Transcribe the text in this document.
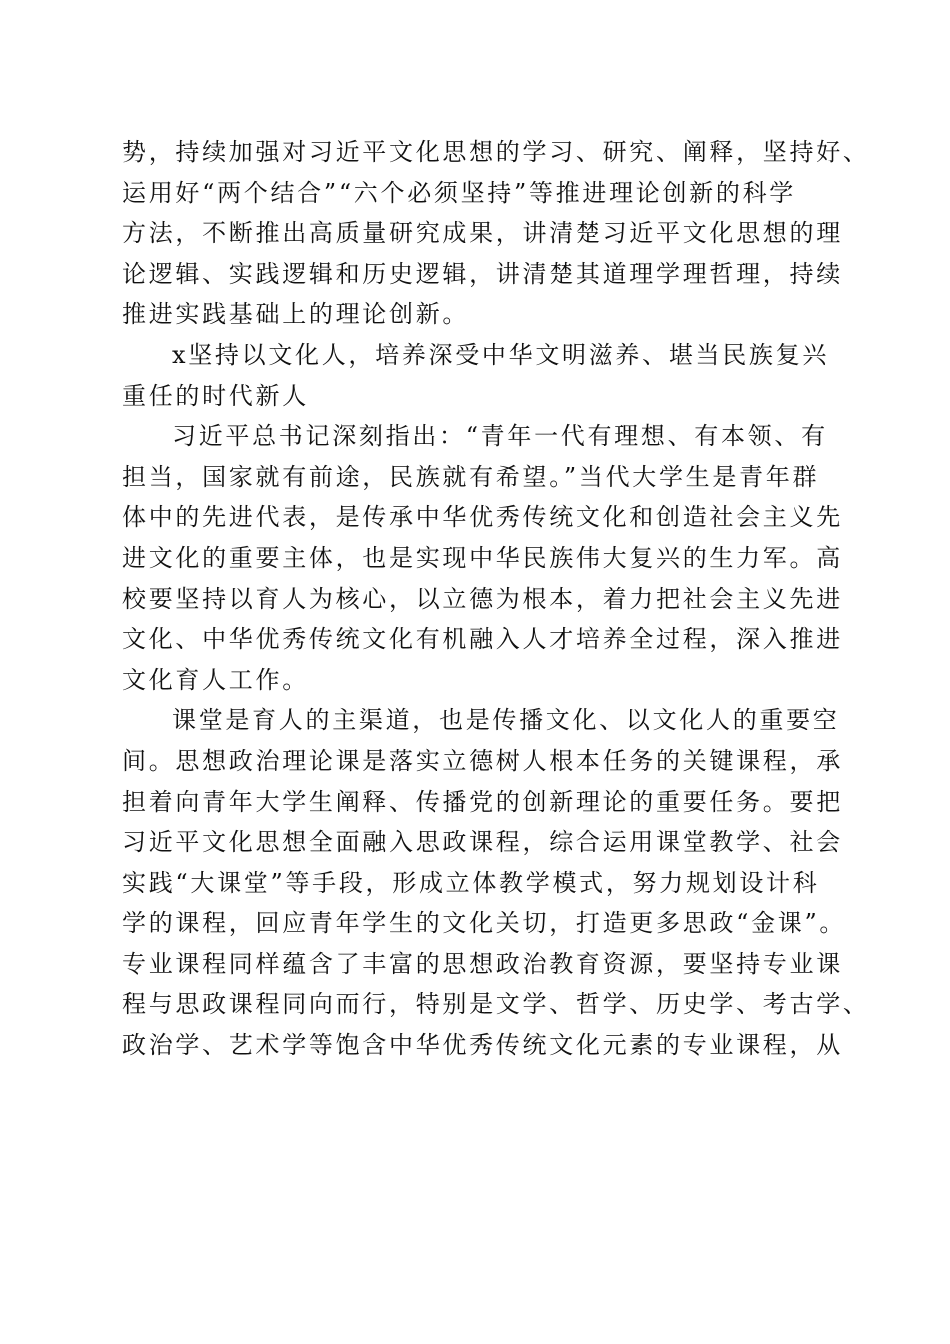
势，持续加强对习近平文化思想的学习、研究、阐释，坚持好、
运用好“两个结合”“六个必须坚持”等推进理论创新的科学
方法，不断推出高质量研究成果，讲清楚习近平文化思想的理
论逻辑、实践逻辑和历史逻辑，讲清楚其道理学理哲理，持续
推进实践基础上的理论创新。
x坚持以文化人，培养深受中华文明滋养、堪当民族复兴
重任的时代新人
习近平总书记深刻指出：“青年一代有理想、有本领、有
担当，国家就有前途，民族就有希望。”当代大学生是青年群
体中的先进代表，是传承中华优秀传统文化和创造社会主义先
进文化的重要主体，也是实现中华民族伟大复兴的生力军。高
校要坚持以育人为核心，以立德为根本，着力把社会主义先进
文化、中华优秀传统文化有机融入人才培养全过程，深入推进
文化育人工作。
课堂是育人的主渠道，也是传播文化、以文化人的重要空
间。思想政治理论课是落实立德树人根本任务的关键课程，承
担着向青年大学生阐释、传播党的创新理论的重要任务。要把
习近平文化思想全面融入思政课程，综合运用课堂教学、社会
实践“大课堂”等手段，形成立体教学模式，努力规划设计科
学的课程，回应青年学生的文化关切，打造更多思政“金课”。
专业课程同样蕴含了丰富的思想政治教育资源，要坚持专业课
程与思政课程同向而行，特别是文学、哲学、历史学、考古学、
政治学、艺术学等饱含中华优秀传统文化元素的专业课程，从
